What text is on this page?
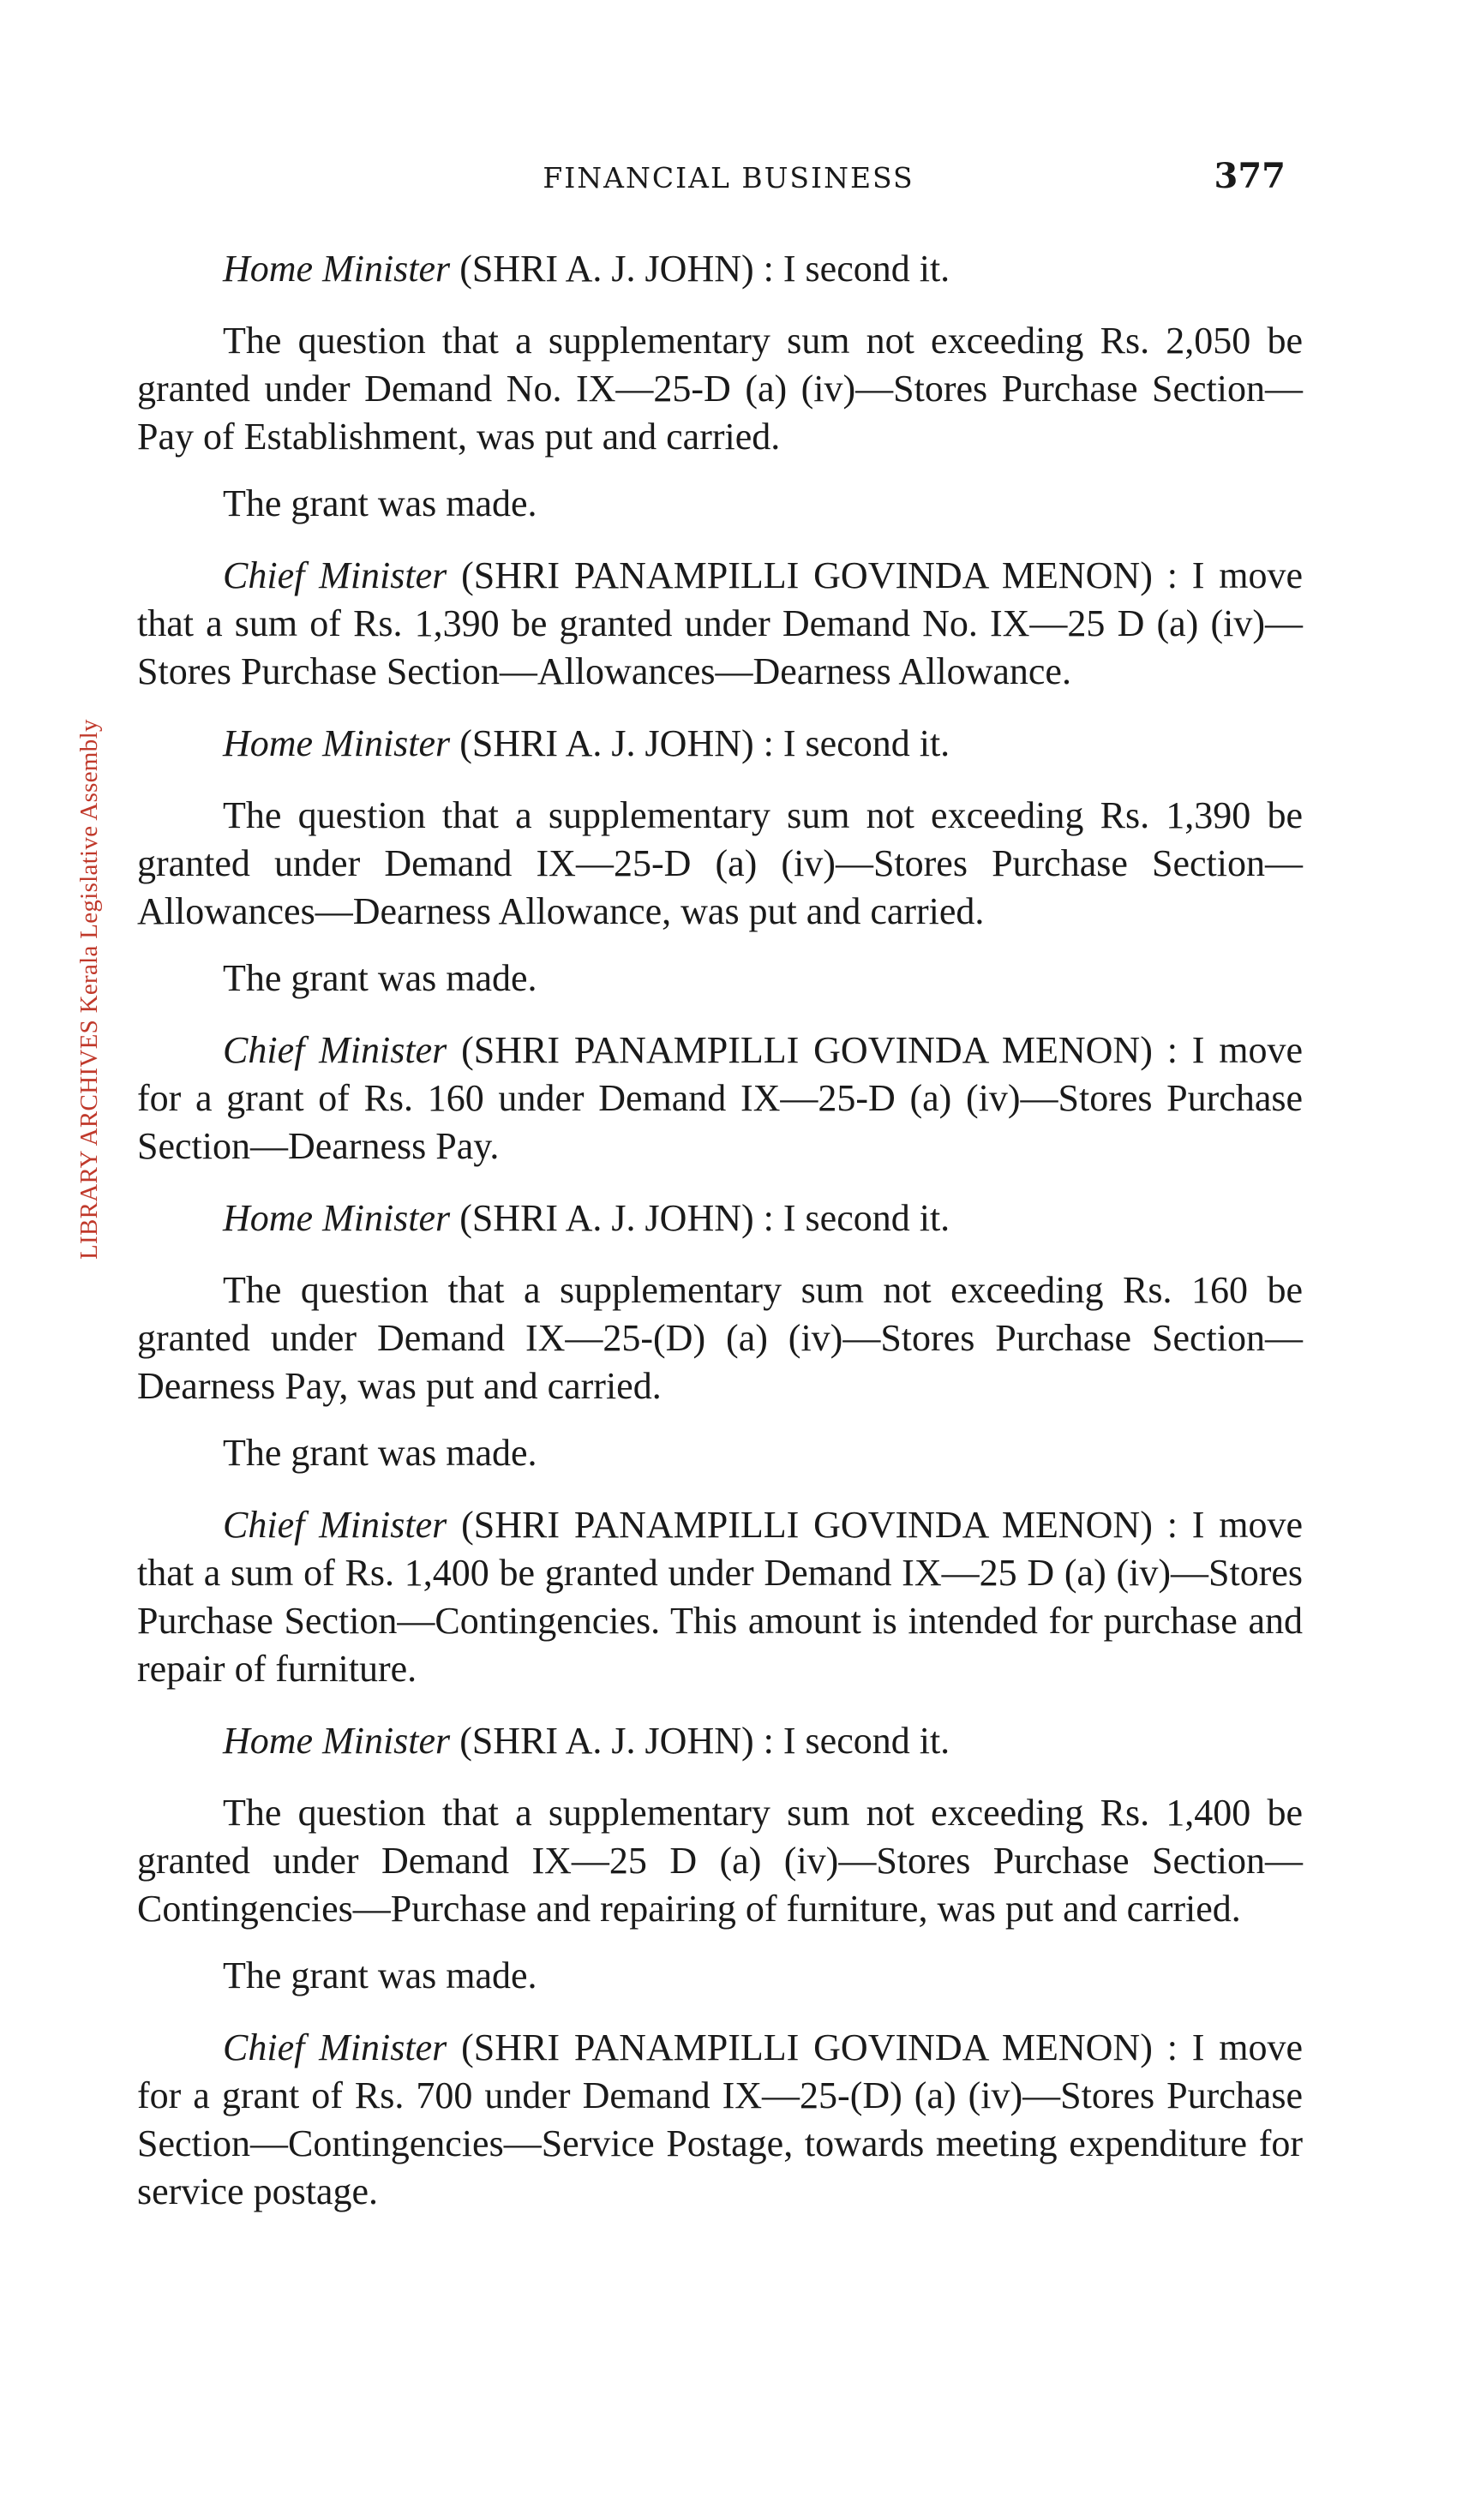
FINANCIAL BUSINESS	377
LIBRARY ARCHIVES Kerala Legislative Assembly

Home Minister (SHRI A. J. JOHN) : I second it.

The question that a supplementary sum not exceeding Rs. 2,050 be granted under Demand No. IX—25-D (a) (iv)—Stores Purchase Section—Pay of Establishment, was put and carried.

The grant was made.

Chief Minister (SHRI PANAMPILLI GOVINDA MENON) : I move that a sum of Rs. 1,390 be granted under Demand No. IX—25 D (a) (iv)—Stores Purchase Section—Allowances—Dearness Allowance.

Home Minister (SHRI A. J. JOHN) : I second it.

The question that a supplementary sum not exceeding Rs. 1,390 be granted under Demand IX—25-D (a) (iv)—Stores Purchase Section—Allowances—Dearness Allowance, was put and carried.

The grant was made.

Chief Minister (SHRI PANAMPILLI GOVINDA MENON) : I move for a grant of Rs. 160 under Demand IX—25-D (a) (iv)—Stores Purchase Section—Dearness Pay.

Home Minister (SHRI A. J. JOHN) : I second it.

The question that a supplementary sum not exceeding Rs. 160 be granted under Demand IX—25-(D) (a) (iv)—Stores Purchase Section—Dearness Pay, was put and carried.

The grant was made.

Chief Minister (SHRI PANAMPILLI GOVINDA MENON) : I move that a sum of Rs. 1,400 be granted under Demand IX—25 D (a) (iv)—Stores Purchase Section—Contingencies. This amount is intended for purchase and repair of furniture.

Home Minister (SHRI A. J. JOHN) : I second it.

The question that a supplementary sum not exceeding Rs. 1,400 be granted under Demand IX—25 D (a) (iv)—Stores Purchase Section—Contingencies—Purchase and repairing of furniture, was put and carried.

The grant was made.

Chief Minister (SHRI PANAMPILLI GOVINDA MENON) : I move for a grant of Rs. 700 under Demand IX—25-(D) (a) (iv)—Stores Purchase Section—Contingencies—Service Postage, towards meeting expenditure for service postage.
